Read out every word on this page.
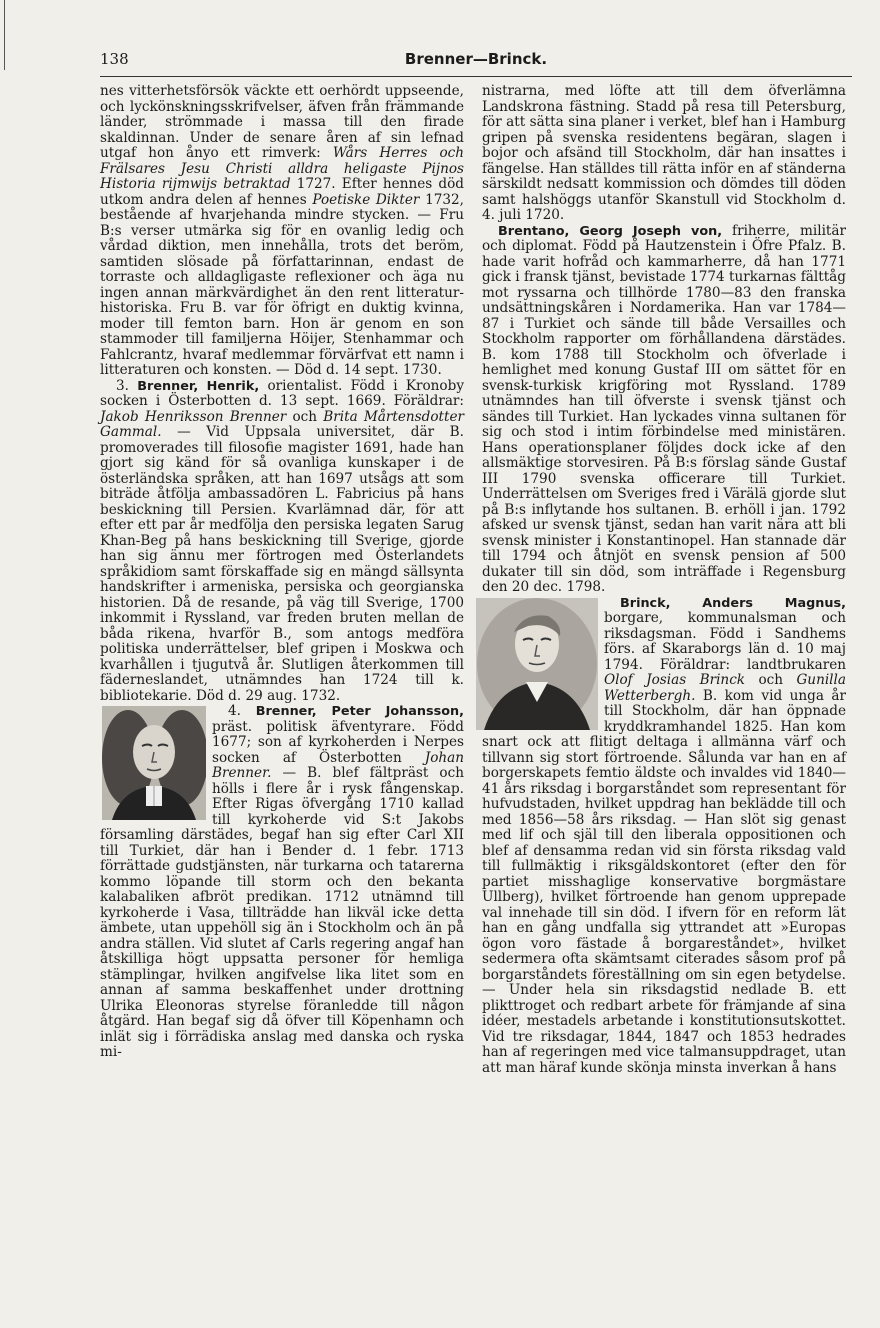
138	Brenner—Brinck.

nes vitterhetsförsök väckte ett oerhördt uppseende, och lyckönskningsskrifvelser, äfven från främmande länder, strömmade i massa till den firade skaldinnan. Under de senare åren af sin lefnad utgaf hon ånyo ett rimverk: Wårs Herres och Frälsares Jesu Christi alldra heligaste Pijnos Historia rijmwijs betraktad 1727. Efter hennes död utkom andra delen af hennes Poetiske Dikter 1732, bestående af hvarjehanda mindre stycken. — Fru B:s verser utmärka sig för en ovanlig ledig och vårdad diktion, men innehålla, trots det beröm, samtiden slösade på författarinnan, endast de torraste och alldagligaste reflexioner och äga nu ingen annan märkvärdighet än den rent litteratur-historiska. Fru B. var för öfrigt en duktig kvinna, moder till femton barn. Hon är genom en son stammoder till familjerna Höijer, Stenhammar och Fahlcrantz, hvaraf medlemmar förvärfvat ett namn i litteraturen och konsten. — Död d. 14 sept. 1730.

3. Brenner, Henrik, orientalist. Född i Kronoby socken i Österbotten d. 13 sept. 1669. Föräldrar: Jakob Henriksson Brenner och Brita Mårtensdotter Gammal. — Vid Uppsala universitet, där B. promoverades till filosofie magister 1691, hade han gjort sig känd för så ovanliga kunskaper i de österländska språken, att han 1697 utsågs att som biträde åtfölja ambassadören L. Fabricius på hans beskickning till Persien. Kvarlämnad där, för att efter ett par år medfölja den persiska legaten Sarug Khan-Beg på hans beskickning till Sverige, gjorde han sig ännu mer förtrogen med Österlandets språkidiom samt förskaffade sig en mängd sällsynta handskrifter i armeniska, persiska och georgianska historien. Då de resande, på väg till Sverige, 1700 inkommit i Ryssland, var freden bruten mellan de båda rikena, hvarför B., som antogs medföra politiska underrättelser, blef gripen i Moskwa och kvarhållen i tjugutvå år. Slutligen återkommen till fäderneslandet, utnämndes han 1724 till k. bibliotekarie. Död d. 29 aug. 1732.

4. Brenner, Peter Johansson,
präst. politisk äfventyrare. Född 1677; son af kyrkoherden i Nerpes socken af Österbotten Johan Brenner. — B. blef fältpräst och hölls i flere år i rysk fångenskap. Efter Rigas öfvergång 1710 kallad till kyrkoherde vid S:t Jakobs församling därstädes, begaf han sig efter Carl XII till Turkiet, där han i Bender d. 1 febr. 1713 förrättade gudstjänsten, när turkarna och tatarerna kommo löpande till storm och den bekanta kalabaliken afbröt predikan. 1712 utnämnd till kyrkoherde i Vasa, tillträdde han likväl icke detta ämbete, utan uppehöll sig än i Stockholm och än på andra ställen. Vid slutet af Carls regering angaf han åtskilliga högt uppsatta personer för hemliga stämplingar, hvilken angifvelse lika litet som en annan af samma beskaffenhet under drottning Ulrika Eleonoras styrelse föranledde till någon åtgärd. Han begaf sig då öfver till Köpenhamn och inlät sig i förrädiska anslag med danska och ryska mi-

nistrarna, med löfte att till dem öfverlämna Landskrona fästning. Stadd på resa till Petersburg, för att sätta sina planer i verket, blef han i Hamburg gripen på svenska residentens begäran, slagen i bojor och afsänd till Stockholm, där han insattes i fängelse. Han ställdes till rätta inför en af ständerna särskildt nedsatt kommission och dömdes till döden samt halshöggs utanför Skanstull vid Stockholm d. 4. juli 1720.

Brentano, Georg Joseph von, friherre, militär och diplomat. Född på Hautzenstein i Öfre Pfalz. B. hade varit hofråd och kammarherre, då han 1771 gick i fransk tjänst, bevistade 1774 turkarnas fälttåg mot ryssarna och tillhörde 1780—83 den franska undsättningskåren i Nordamerika. Han var 1784—87 i Turkiet och sände till både Versailles och Stockholm rapporter om förhållandena därstädes. B. kom 1788 till Stockholm och öfverlade i hemlighet med konung Gustaf III om sättet för en svensk-turkisk krigföring mot Ryssland. 1789 utnämndes han till öfverste i svensk tjänst och sändes till Turkiet. Han lyckades vinna sultanen för sig och stod i intim förbindelse med ministären. Hans operationsplaner följdes dock icke af den allsmäktige storvesiren. På B:s förslag sände Gustaf III 1790 svenska officerare till Turkiet. Underrättelsen om Sveriges fred i Värälä gjorde slut på B:s inflytande hos sultanen. B. erhöll i jan. 1792 afsked ur svensk tjänst, sedan han varit nära att bli svensk minister i Konstantinopel. Han stannade där till 1794 och åtnjöt en svensk pension af 500 dukater till sin död, som inträffade i Regensburg den 20 dec. 1798.

Brinck, Anders Magnus,
borgare, kommunalsman och riksdagsman. Född i Sandhems förs. af Skaraborgs län d. 10 maj 1794. Föräldrar: landtbrukaren Olof Josias Brinck och Gunilla Wetterbergh. B. kom vid unga år till Stockholm, där han öppnade kryddkramhandel 1825. Han kom snart ock att flitigt deltaga i allmänna värf och tillvann sig stort förtroende. Sålunda var han en af borgerskapets femtio äldste och invaldes vid 1840—41 års riksdag i borgarståndet som representant för hufvudstaden, hvilket uppdrag han beklädde till och med 1856—58 års riksdag. — Han slöt sig genast med lif och själ till den liberala oppositionen och blef af densamma redan vid sin första riksdag vald till fullmäktig i riksgäldskontoret (efter den för partiet misshaglige konservative borgmästare Ullberg), hvilket förtroende han genom upprepade val innehade till sin död. I ifvern för en reform lät han en gång undfalla sig yttrandet att »Europas ögon voro fästade å borgareståndet», hvilket sedermera ofta skämtsamt citerades såsom prof på borgarståndets föreställning om sin egen betydelse. — Under hela sin riksdagstid nedlade B. ett plikttroget och redbart arbete för främjande af sina idéer, mestadels arbetande i konstitutionsutskottet. Vid tre riksdagar, 1844, 1847 och 1853 hedrades han af regeringen med vice talmansuppdraget, utan att man häraf kunde skönja minsta inverkan å hans
